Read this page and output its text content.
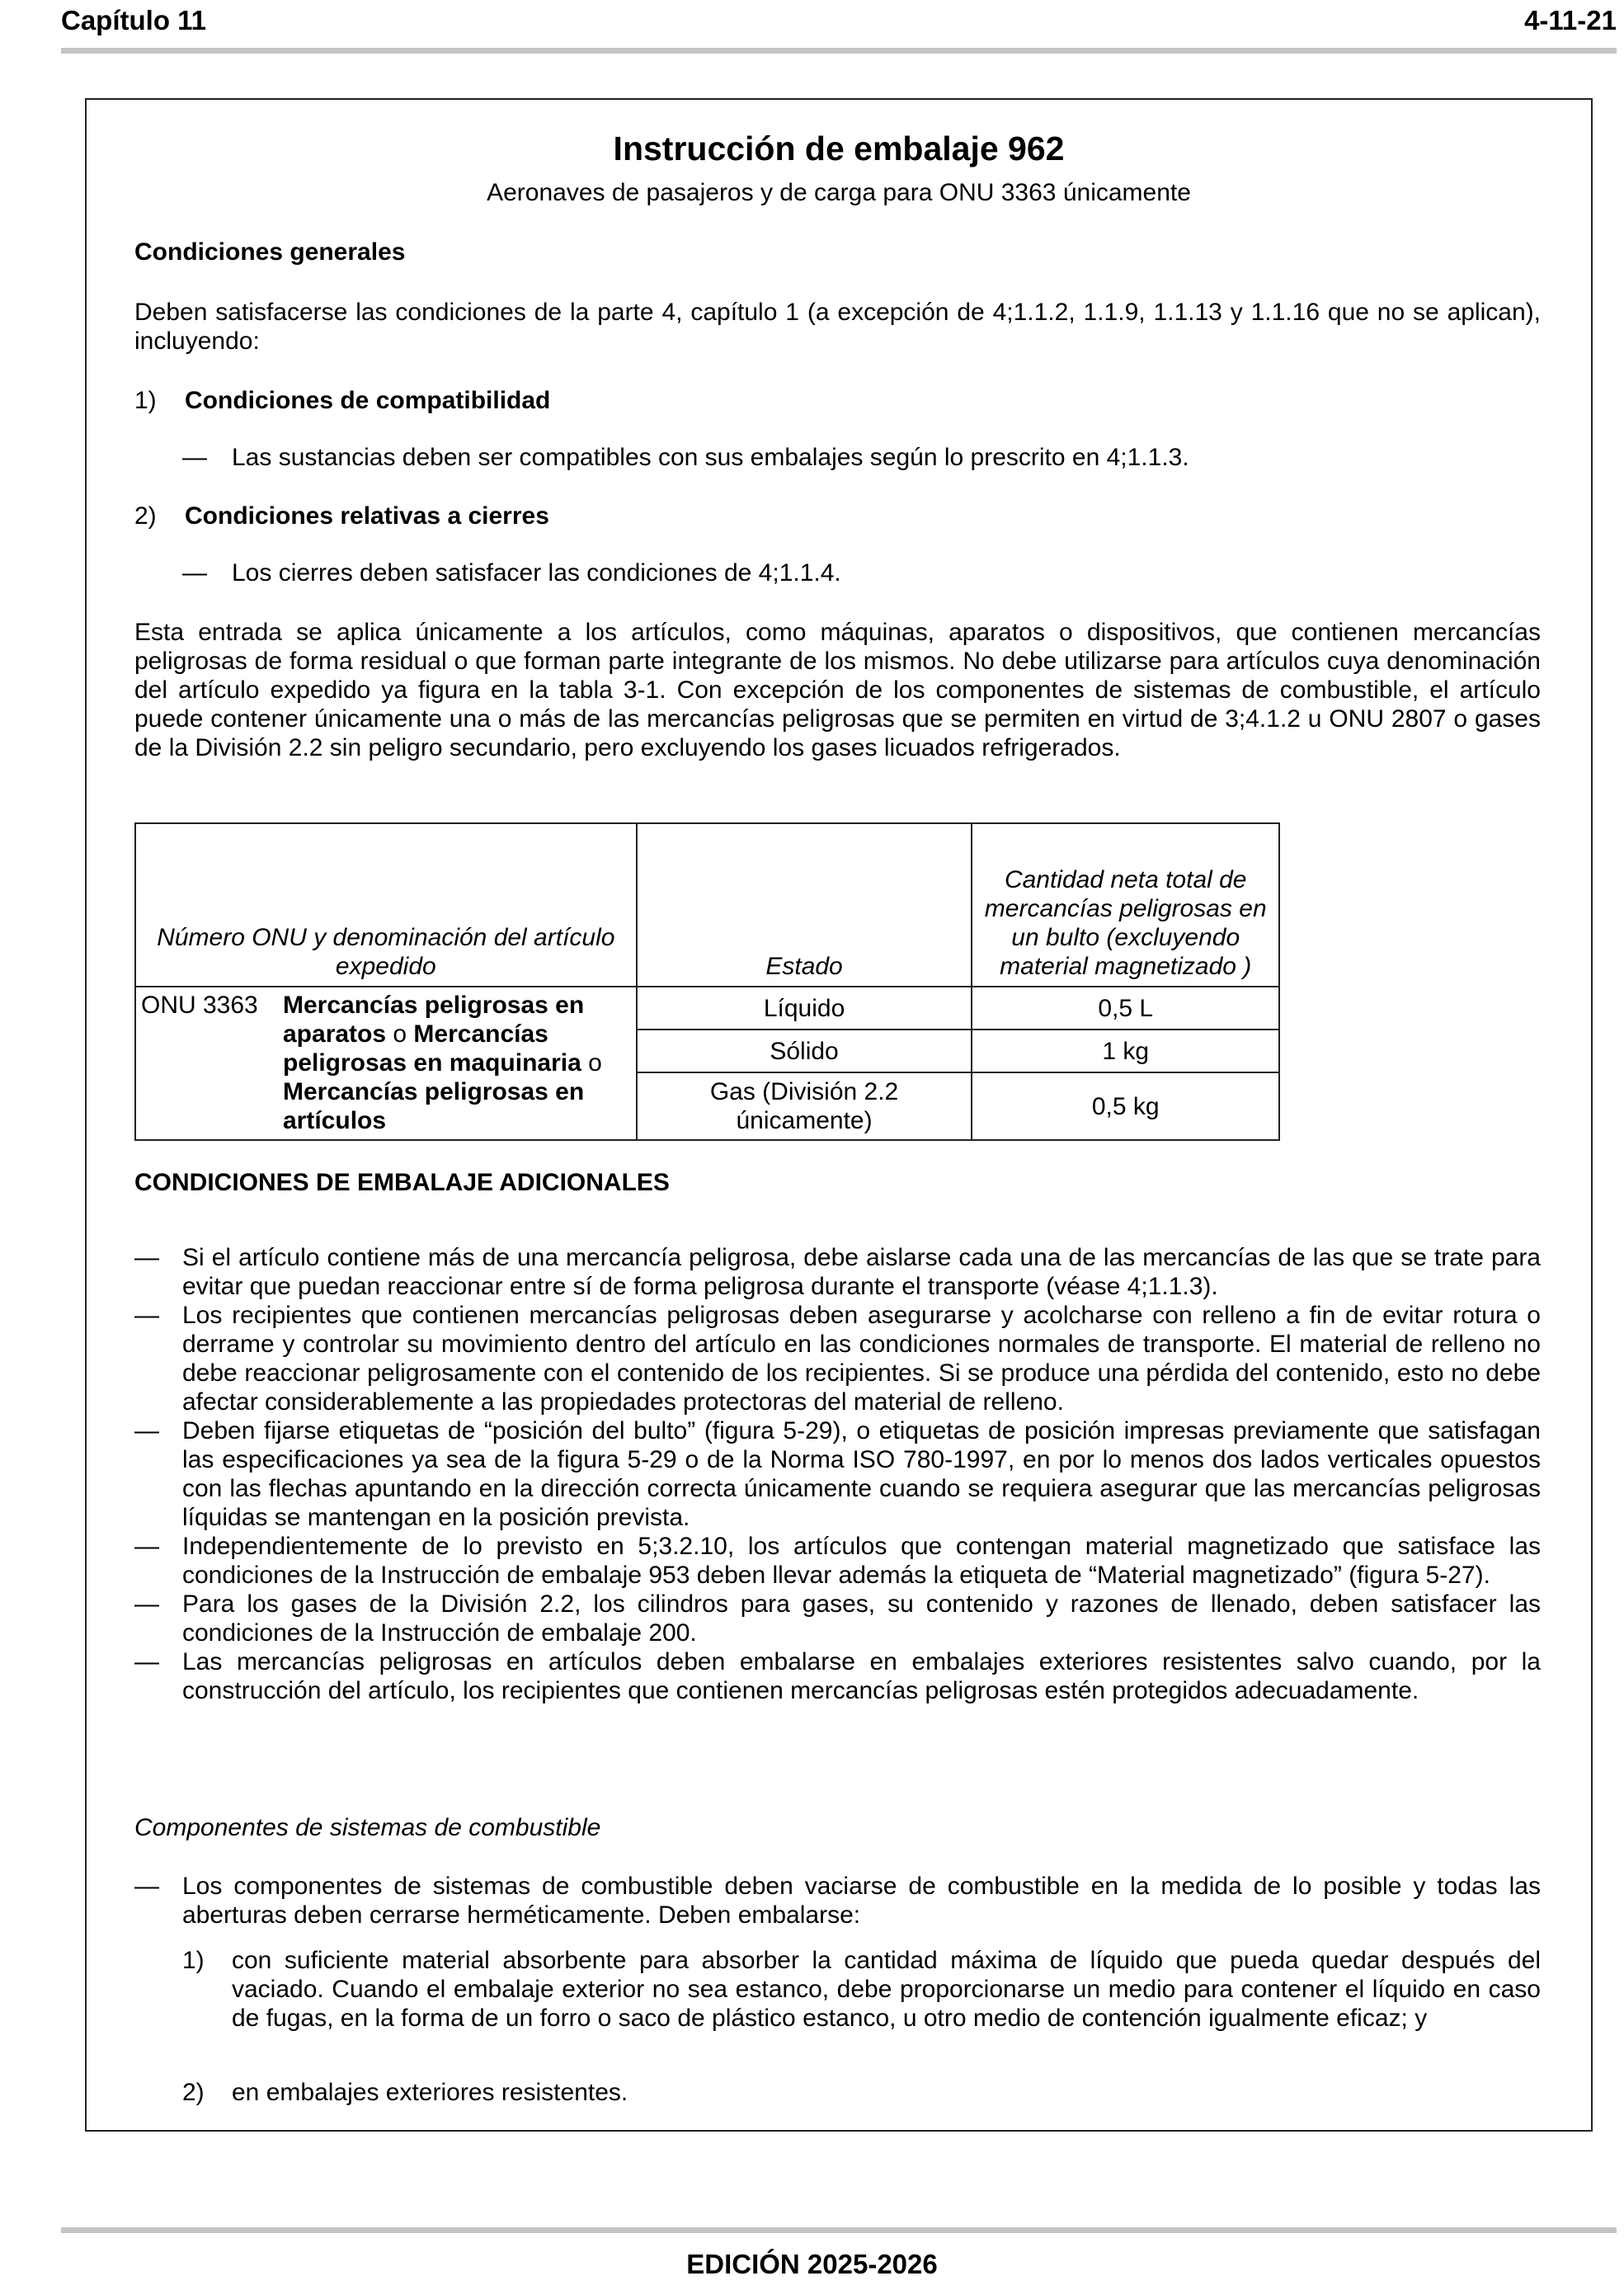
Capítulo 11	4-11-21
Instrucción de embalaje 962
Aeronaves de pasajeros y de carga para ONU 3363 únicamente
Condiciones generales

Deben satisfacerse las condiciones de la parte 4, capítulo 1 (a excepción de 4;1.1.2, 1.1.9, 1.1.13 y 1.1.16 que no se aplican), incluyendo:

1) Condiciones de compatibilidad
— Las sustancias deben ser compatibles con sus embalajes según lo prescrito en 4;1.1.3.
2) Condiciones relativas a cierres
— Los cierres deben satisfacer las condiciones de 4;1.1.4.

Esta entrada se aplica únicamente a los artículos, como máquinas, aparatos o dispositivos, que contienen mercancías peligrosas de forma residual o que forman parte integrante de los mismos. No debe utilizarse para artículos cuya denominación del artículo expedido ya figura en la tabla 3-1. Con excepción de los componentes de sistemas de combustible, el artículo puede contener únicamente una o más de las mercancías peligrosas que se permiten en virtud de 3;4.1.2 u ONU 2807 o gases de la División 2.2 sin peligro secundario, pero excluyendo los gases licuados refrigerados.

Número ONU y denominación del artículo expedido	Estado	Cantidad neta total de mercancías peligrosas en un bulto (excluyendo material magnetizado )
ONU 3363 Mercancías peligrosas en aparatos o Mercancías peligrosas en maquinaria o Mercancías peligrosas en artículos	Líquido	0,5 L
	Sólido	1 kg
	Gas (División 2.2 únicamente)	0,5 kg
CONDICIONES DE EMBALAJE ADICIONALES
— Si el artículo contiene más de una mercancía peligrosa, debe aislarse cada una de las mercancías de las que se trate para evitar que puedan reaccionar entre sí de forma peligrosa durante el transporte (véase 4;1.1.3).
— Los recipientes que contienen mercancías peligrosas deben asegurarse y acolcharse con relleno a fin de evitar rotura o derrame y controlar su movimiento dentro del artículo en las condiciones normales de transporte. El material de relleno no debe reaccionar peligrosamente con el contenido de los recipientes. Si se produce una pérdida del contenido, esto no debe afectar considerablemente a las propiedades protectoras del material de relleno.
— Deben fijarse etiquetas de “posición del bulto” (figura 5-29), o etiquetas de posición impresas previamente que satisfagan las especificaciones ya sea de la figura 5-29 o de la Norma ISO 780-1997, en por lo menos dos lados verticales opuestos con las flechas apuntando en la dirección correcta únicamente cuando se requiera asegurar que las mercancías peligrosas líquidas se mantengan en la posición prevista.
— Independientemente de lo previsto en 5;3.2.10, los artículos que contengan material magnetizado que satisface las condiciones de la Instrucción de embalaje 953 deben llevar además la etiqueta de “Material magnetizado” (figura 5-27).
— Para los gases de la División 2.2, los cilindros para gases, su contenido y razones de llenado, deben satisfacer las condiciones de la Instrucción de embalaje 200.
— Las mercancías peligrosas en artículos deben embalarse en embalajes exteriores resistentes salvo cuando, por la construcción del artículo, los recipientes que contienen mercancías peligrosas estén protegidos adecuadamente.
Componentes de sistemas de combustible
— Los componentes de sistemas de combustible deben vaciarse de combustible en la medida de lo posible y todas las aberturas deben cerrarse herméticamente. Deben embalarse:
1) con suficiente material absorbente para absorber la cantidad máxima de líquido que pueda quedar después del vaciado. Cuando el embalaje exterior no sea estanco, debe proporcionarse un medio para contener el líquido en caso de fugas, en la forma de un forro o saco de plástico estanco, u otro medio de contención igualmente eficaz; y
2) en embalajes exteriores resistentes.
EDICIÓN 2025-2026
